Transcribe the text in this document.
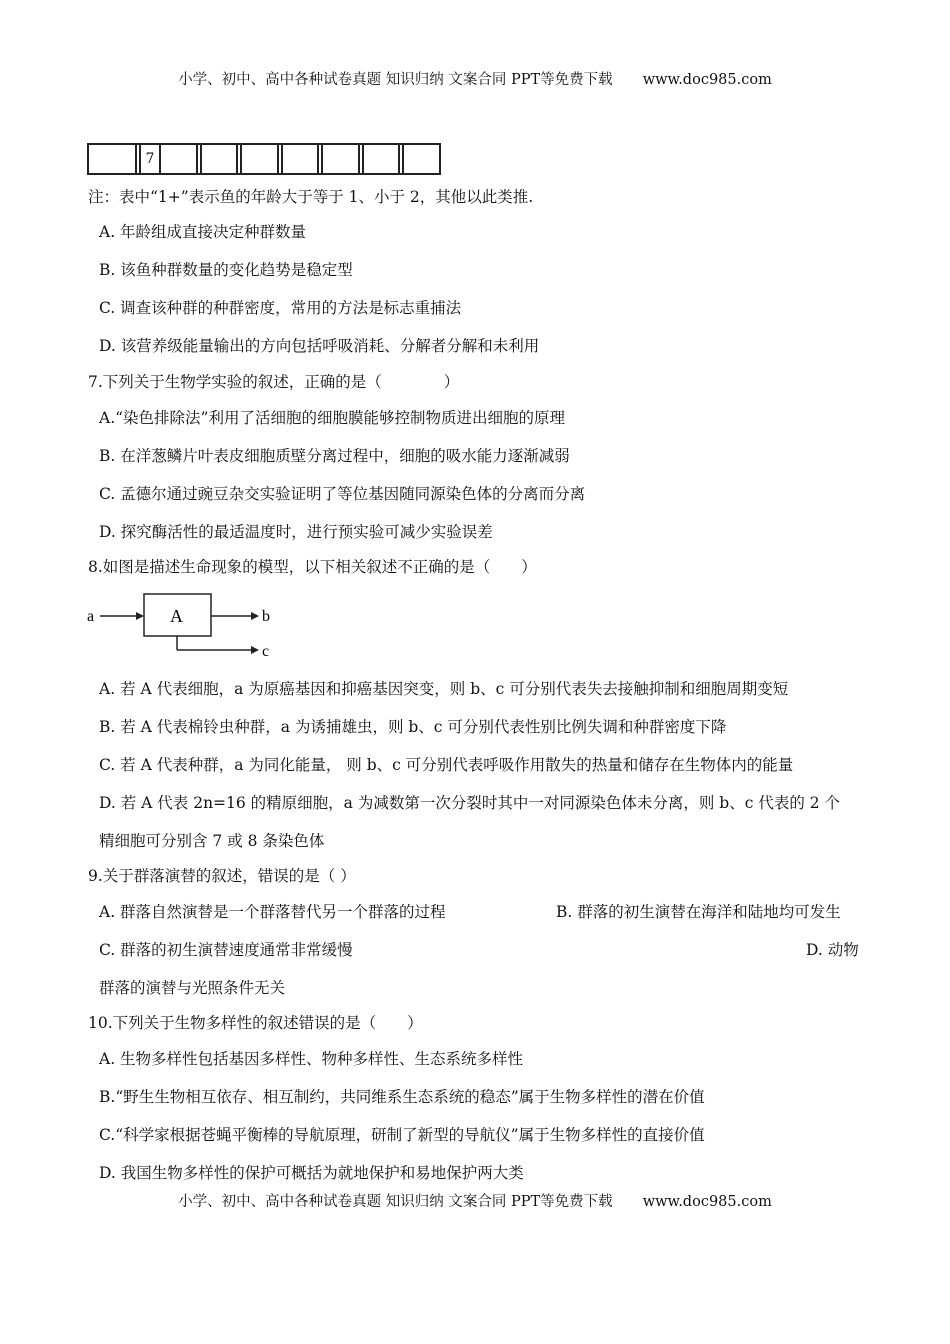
小学、初中、高中各种试卷真题 知识归纳 文案合同 PPT等免费下载 www.doc985.com
		7													
注：表中“1+”表示鱼的年龄大于等于 1、小于 2，其他以此类推.
A. 年龄组成直接决定种群数量
B. 该鱼种群数量的变化趋势是稳定型
C. 调查该种群的种群密度，常用的方法是标志重捕法
D. 该营养级能量输出的方向包括呼吸消耗、分解者分解和未利用
7.下列关于生物学实验的叙述，正确的是（　　　　）
A.“染色排除法”利用了活细胞的细胞膜能够控制物质进出细胞的原理
B. 在洋葱鳞片叶表皮细胞质壁分离过程中，细胞的吸水能力逐渐减弱
C. 孟德尔通过豌豆杂交实验证明了等位基因随同源染色体的分离而分离
D. 探究酶活性的最适温度时，进行预实验可减少实验误差
8.如图是描述生命现象的模型，以下相关叙述不正确的是（　　）
a	A	b
c
A. 若 A 代表细胞，a 为原癌基因和抑癌基因突变，则 b、c 可分别代表失去接触抑制和细胞周期变短
B. 若 A 代表棉铃虫种群，a 为诱捕雄虫，则 b、c 可分别代表性别比例失调和种群密度下降
C. 若 A 代表种群，a 为同化能量， 则 b、c 可分别代表呼吸作用散失的热量和储存在生物体内的能量
D. 若 A 代表 2n=16 的精原细胞，a 为减数第一次分裂时其中一对同源染色体未分离，则 b、c 代表的 2 个
精细胞可分别含 7 或 8 条染色体
9.关于群落演替的叙述，错误的是（ ）
A. 群落自然演替是一个群落替代另一个群落的过程	B. 群落的初生演替在海洋和陆地均可发生
C. 群落的初生演替速度通常非常缓慢	D. 动物
群落的演替与光照条件无关
10.下列关于生物多样性的叙述错误的是（　　）
A. 生物多样性包括基因多样性、物种多样性、生态系统多样性
B.“野生生物相互依存、相互制约，共同维系生态系统的稳态”属于生物多样性的潜在价值
C.“科学家根据苍蝇平衡棒的导航原理，研制了新型的导航仪”属于生物多样性的直接价值
D. 我国生物多样性的保护可概括为就地保护和易地保护两大类
小学、初中、高中各种试卷真题 知识归纳 文案合同 PPT等免费下载 www.doc985.com
